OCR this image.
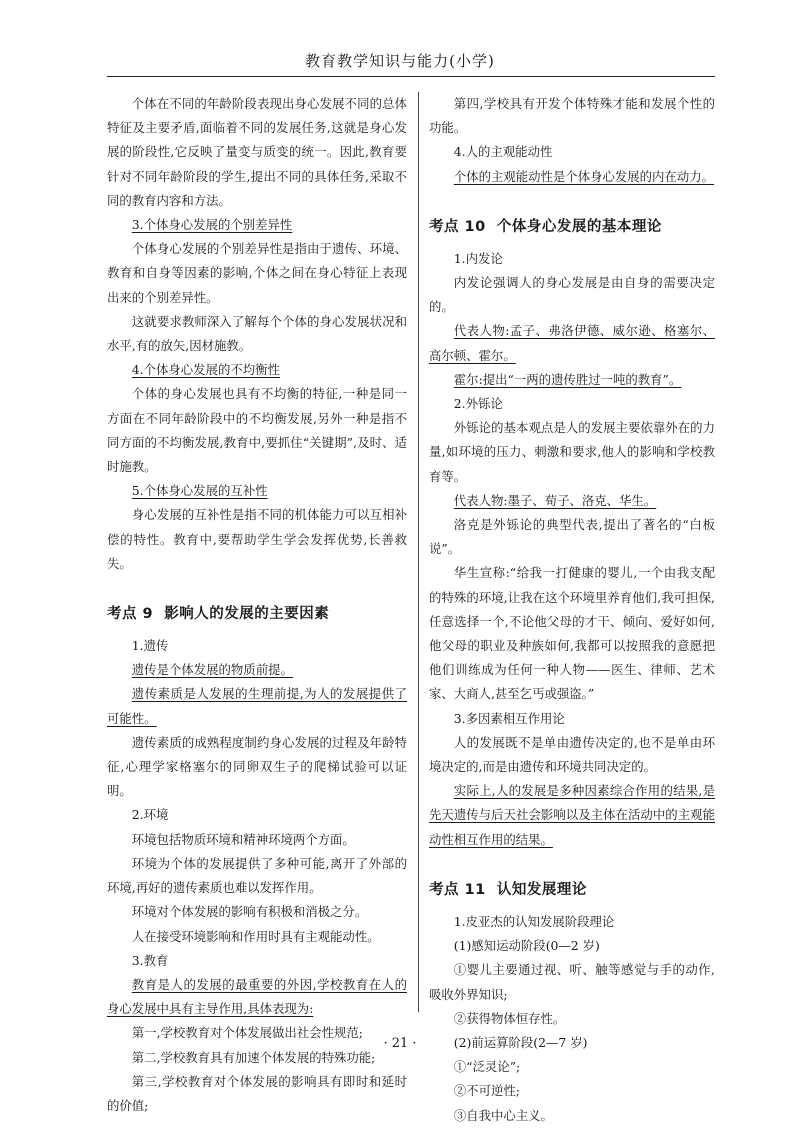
教育教学知识与能力(小学)

个体在不同的年龄阶段表现出身心发展不同的总体特征及主要矛盾,面临着不同的发展任务,这就是身心发展的阶段性,它反映了量变与质变的统一。因此,教育要针对不同年龄阶段的学生,提出不同的具体任务,采取不同的教育内容和方法。

3.个体身心发展的个别差异性

个体身心发展的个别差异性是指由于遗传、环境、教育和自身等因素的影响,个体之间在身心特征上表现出来的个别差异性。

这就要求教师深入了解每个个体的身心发展状况和水平,有的放矢,因材施教。

4.个体身心发展的不均衡性

个体的身心发展也具有不均衡的特征,一种是同一方面在不同年龄阶段中的不均衡发展,另外一种是指不同方面的不均衡发展,教育中,要抓住“关键期”,及时、适时施教。

5.个体身心发展的互补性

身心发展的互补性是指不同的机体能力可以互相补偿的特性。教育中,要帮助学生学会发挥优势,长善救失。

考点 9 影响人的发展的主要因素

1.遗传

遗传是个体发展的物质前提。

遗传素质是人发展的生理前提,为人的发展提供了可能性。

遗传素质的成熟程度制约身心发展的过程及年龄特征,心理学家格塞尔的同卵双生子的爬梯试验可以证明。

2.环境

环境包括物质环境和精神环境两个方面。

环境为个体的发展提供了多种可能,离开了外部的环境,再好的遗传素质也难以发挥作用。

环境对个体发展的影响有积极和消极之分。

人在接受环境影响和作用时具有主观能动性。

3.教育

教育是人的发展的最重要的外因,学校教育在人的身心发展中具有主导作用,具体表现为:

第一,学校教育对个体发展做出社会性规范;

第二,学校教育具有加速个体发展的特殊功能;

第三,学校教育对个体发展的影响具有即时和延时的价值;

第四,学校具有开发个体特殊才能和发展个性的功能。

4.人的主观能动性

个体的主观能动性是个体身心发展的内在动力。

考点 10 个体身心发展的基本理论

1.内发论

内发论强调人的身心发展是由自身的需要决定的。

代表人物:孟子、弗洛伊德、威尔逊、格塞尔、高尔顿、霍尔。

霍尔:提出“一两的遗传胜过一吨的教育”。

2.外铄论

外铄论的基本观点是人的发展主要依靠外在的力量,如环境的压力、刺激和要求,他人的影响和学校教育等。

代表人物:墨子、荀子、洛克、华生。

洛克是外铄论的典型代表,提出了著名的“白板说”。

华生宣称:“给我一打健康的婴儿,一个由我支配的特殊的环境,让我在这个环境里养育他们,我可担保,任意选择一个,不论他父母的才干、倾向、爱好如何,他父母的职业及种族如何,我都可以按照我的意愿把他们训练成为任何一种人物——医生、律师、艺术家、大商人,甚至乞丐或强盗。”

3.多因素相互作用论

人的发展既不是单由遗传决定的,也不是单由环境决定的,而是由遗传和环境共同决定的。

实际上,人的发展是多种因素综合作用的结果,是先天遗传与后天社会影响以及主体在活动中的主观能动性相互作用的结果。

考点 11 认知发展理论

1.皮亚杰的认知发展阶段理论

(1)感知运动阶段(0—2 岁)

①婴儿主要通过视、听、触等感觉与手的动作,吸收外界知识;

②获得物体恒存性。

(2)前运算阶段(2—7 岁)

①“泛灵论”;

②不可逆性;

③自我中心主义。

· 21 ·
